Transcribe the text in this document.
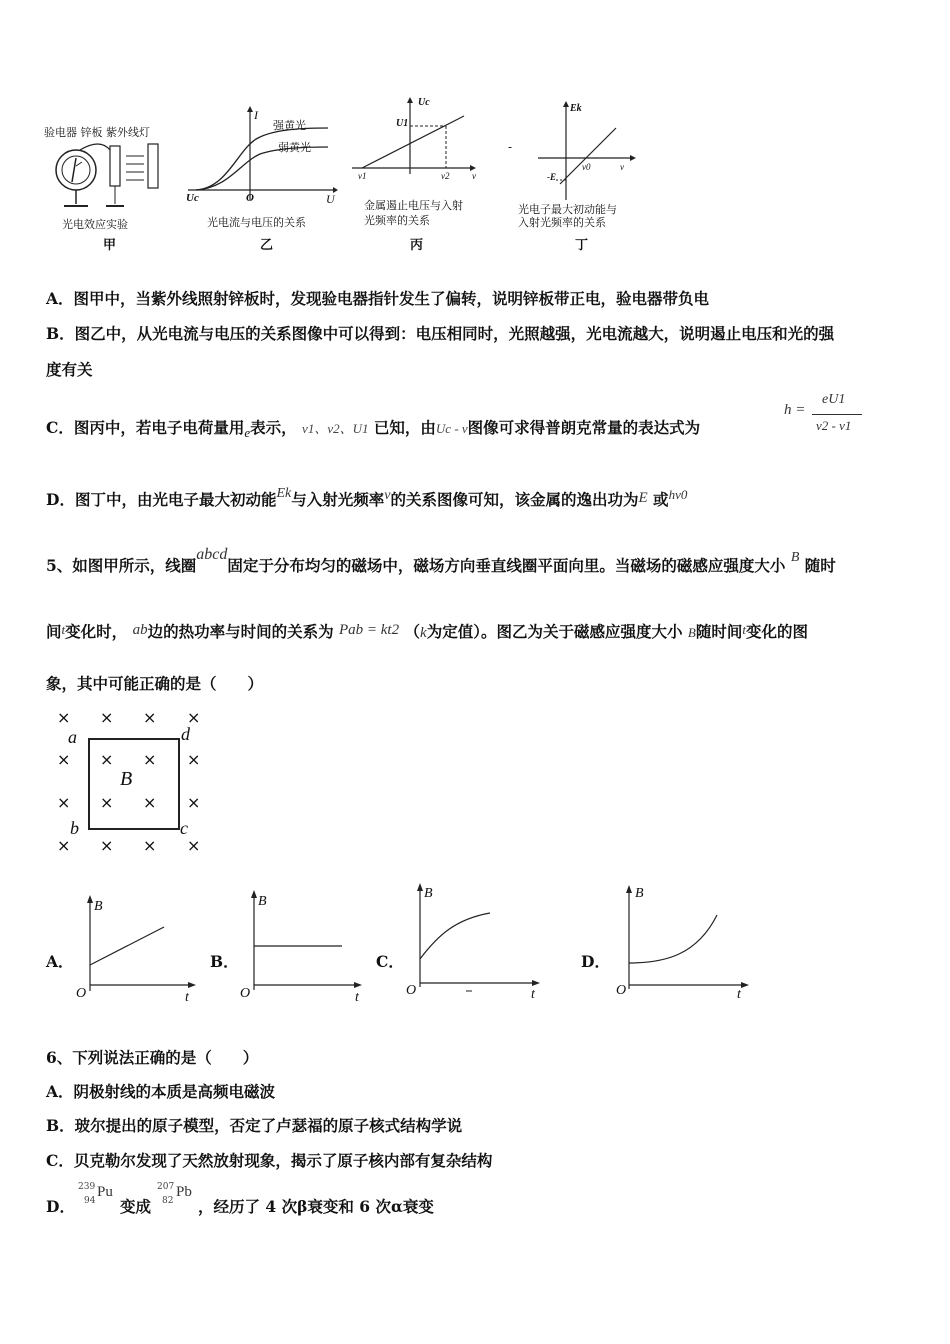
验电器 锌板 紫外线灯
光电效应实验
甲
I
强黄光
弱黄光
Uc	O	U
光电流与电压的关系
乙
Uc
U1
v1	v2	v
金属遏止电压与入射
光频率的关系
丙
-
Ek
-E
v0	v
光电子最大初动能与
入射光频率的关系
丁
A．图甲中，当紫外线照射锌板时，发现验电器指针发生了偏转，说明锌板带正电，验电器带负电
B．图乙中，从光电流与电压的关系图像中可以得到：电压相同时，光照越强，光电流越大，说明遏止电压和光的强
度有关
C．图丙中，若电子电荷量用$_e$表示， v1、v2、U1 已知，由Uc - v图像可求得普朗克常量的表达式为
h =
eU1
v2 - v1
D．图丁中，由光电子最大初动能Ek与入射光频率v的关系图像可知，该金属的逸出功为E 或$^{hv0}$
5、如图甲所示，线圈abcd固定于分布均匀的磁场中，磁场方向垂直线圈平面向里。当磁场的磁感应强度大小 B 随时
间t变化时， ab边的热功率与时间的关系为 Pab = kt2 （k为定值）。图乙为关于磁感应强度大小 B随时间t变化的图
象，其中可能正确的是（　　）
× × × ×
× × × ×
× × × ×
× × × ×
a	d
b	c
B
A．
B
O	t
B．
B
O	t
C．
B
O	t
D．
B
O	t
6、下列说法正确的是（　　）
A．阴极射线的本质是高频电磁波
B．玻尔提出的原子模型，否定了卢瑟福的原子核式结构学说
C．贝克勒尔发现了天然放射现象，揭示了原子核内部有复杂结构
D．
239
94
Pu
变成
207
82
Pb
，经历了 4 次β衰变和 6 次α衰变
